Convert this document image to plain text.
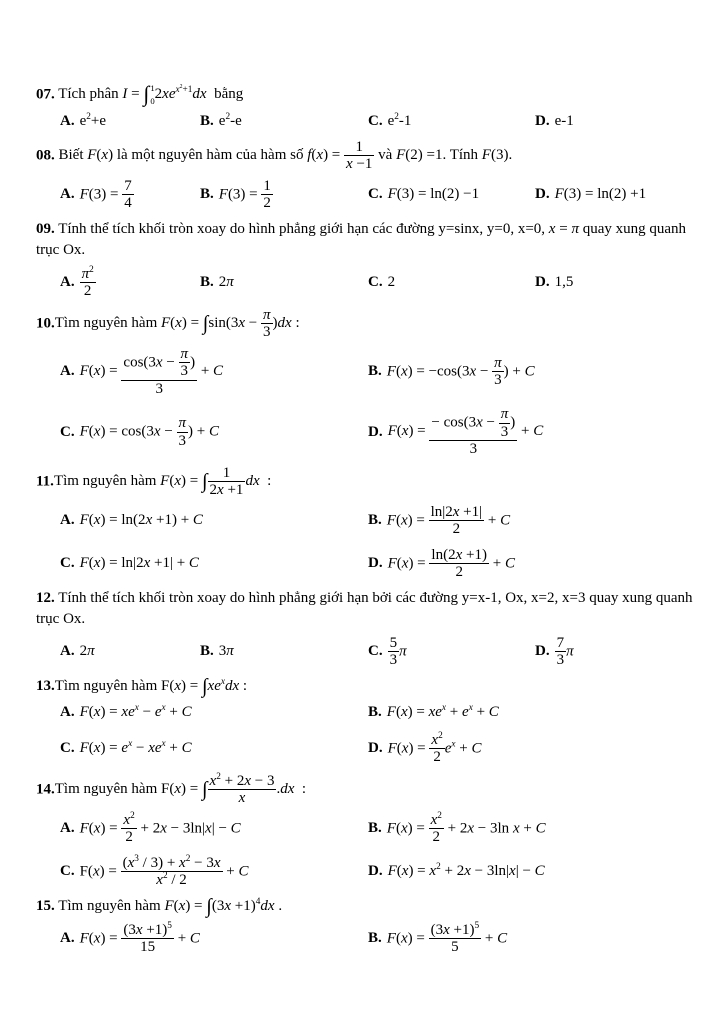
07. Tích phân I = ∫ 1
0 $2xe^{x^2+1}dx$  bằng
A. $e^2+e$	B. $e^2-e$	C. $e^2-1$	D. e-1
08. Biết F(x) là một nguyên hàm của hàm số $f(x) = \frac{1}{x -1}$ và F(2) =1. Tính F(3).
A. $F(3) = \frac{7}{4}$	B. $F(3) = \frac{1}{2}$	C. F(3) = ln(2) −1	D. F(3) = ln(2) +1
09. Tính thể tích khối tròn xoay do hình phẳng giới hạn các đường y=sinx, y=0, x=0, x = π quay xung quanh trục Ox.
A. $\frac{\pi^2}{2}$	B. 2π	C. 2	D. 1,5
10.Tìm nguyên hàm $F(x) = \int\sin(3x - \frac{\pi}{3} )dx$ :
A. $F(x) = \frac{\cos(3x - \frac{\pi}{3} )}{3} + C$	B. $F(x) = -\cos(3x - \frac{\pi}{3}$ ) + C
C. $F(x) = \cos(3x - \frac{\pi}{3}$ ) + C	D. $F(x) = \frac{- \cos(3x - \frac{\pi}{3} )}{3} + C$
11.Tìm nguyên hàm F(x) = ∫ $\frac{1}{2x +1}$ dx  :
A. F(x) = ln(2x +1) + C	B. $F(x) = \frac{\ln|2x +1|}{2} + C$
C. F(x) = ln|2x +1| + C	D. $F(x) = \frac{\ln(2x +1)}{2} + C$
12. Tính thể tích khối tròn xoay do hình phẳng giới hạn bởi các đường y=x-1, Ox, x=2, x=3 quay xung quanh trục Ox.
A. 2π	B. 3π	C. $\frac{5}{3}$ π	D. $\frac{7}{3}$ π
13.Tìm nguyên hàm $F(x) = \int xe^xdx$ :
A. $F(x) = xe^x - e^x + C$	B. $F(x) = xe^x + e^x + C$
C. $F(x) = e^x - xe^x + C$	D. $F(x) = \frac{x^2}{2} e^x + C$
14.Tìm nguyên hàm F(x) = ∫ $\frac{x^2 + 2x - 3}{x} .dx$  :
A. $F(x) = \frac{x^2}{2} + 2x - 3\ln|x| - C$	B. $F(x) = \frac{x^2}{2} + 2x - 3\ln$ x + C
C. $F(x) = \frac{(x^3 / 3) + x^2 - 3x}{x^2 / 2} + C$	D. $F(x) = x^2 + 2x - 3\ln|x| - C$
15. Tìm nguyên hàm $F(x) = \int(3x +1)^4dx$ .
A. $F(x) = \frac{(3x +1)^5}{15} + C$	B. $F(x) = \frac{(3x +1)^5}{5} + C$
